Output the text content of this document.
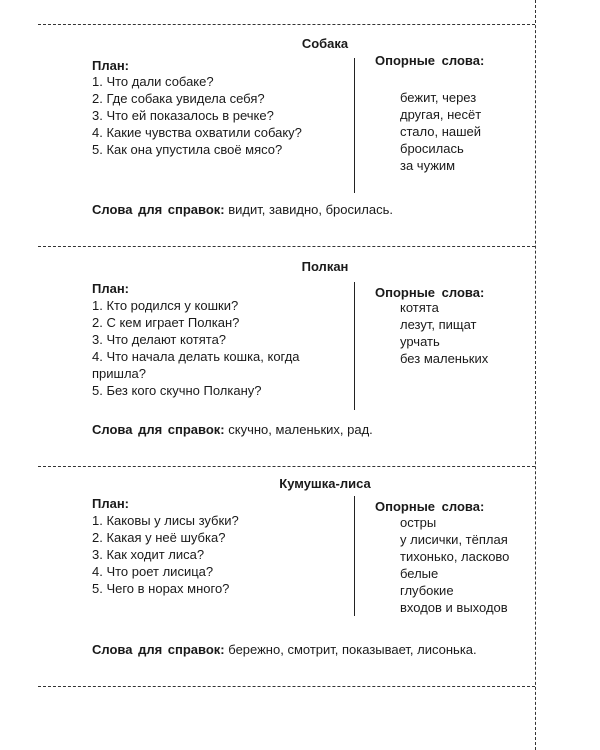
Собака
План:
1. Что дали собаке?
2. Где собака увидела себя?
3. Что ей показалось в речке?
4. Какие чувства охватили собаку?
5. Как она упустила своё мясо?
Опорные слова:
бежит, через
другая, несёт
стало, нашей
бросилась
за чужим
Слова для справок: видит, завидно, бросилась.
Полкан
План:
1. Кто родился у кошки?
2. С кем играет Полкан?
3. Что делают котята?
4. Что начала делать кошка, когда пришла?
5. Без кого скучно Полкану?
Опорные слова:
котята
лезут, пищат
урчать
без маленьких
Слова для справок: скучно, маленьких, рад.
Кумушка-лиса
План:
1. Каковы у лисы зубки?
2. Какая у неё шубка?
3. Как ходит лиса?
4. Что роет лисица?
5. Чего в норах много?
Опорные слова:
остры
у лисички, тёплая
тихонько, ласково
белые
глубокие
входов и выходов
Слова для справок: бережно, смотрит, показывает, лисонька.
